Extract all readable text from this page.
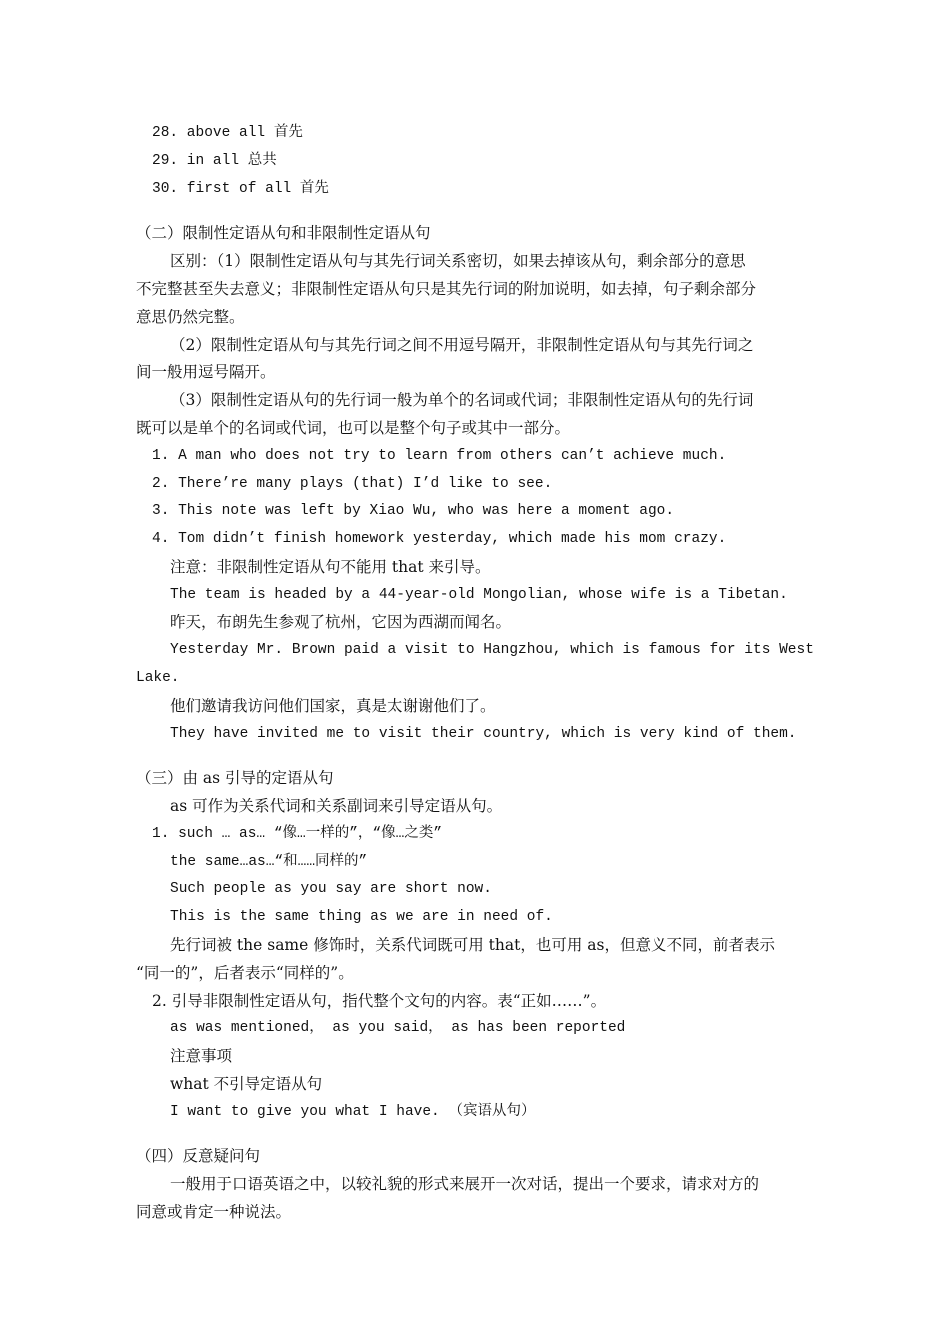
28. above all 首先
29. in all 总共
30. first of all 首先
（二）限制性定语从句和非限制性定语从句
区别：（1）限制性定语从句与其先行词关系密切，如果去掉该从句，剩余部分的意思
不完整甚至失去意义；非限制性定语从句只是其先行词的附加说明，如去掉，句子剩余部分
意思仍然完整。
（2）限制性定语从句与其先行词之间不用逗号隔开，非限制性定语从句与其先行词之
间一般用逗号隔开。
（3）限制性定语从句的先行词一般为单个的名词或代词；非限制性定语从句的先行词
既可以是单个的名词或代词，也可以是整个句子或其中一部分。
1. A man who does not try to learn from others can’t achieve much.
2. There’re many plays (that) I’d like to see.
3. This note was left by Xiao Wu, who was here a moment ago.
4. Tom didn’t finish homework yesterday, which made his mom crazy.
注意：非限制性定语从句不能用 that 来引导。
The team is headed by a 44-year-old Mongolian, whose wife is a Tibetan.
昨天，布朗先生参观了杭州，它因为西湖而闻名。
Yesterday Mr. Brown paid a visit to Hangzhou, which is famous for its West
Lake.
他们邀请我访问他们国家，真是太谢谢他们了。
They have invited me to visit their country, which is very kind of them.
（三）由 as 引导的定语从句
as 可作为关系代词和关系副词来引导定语从句。
1. such … as… “像…一样的”，“像…之类”
the same…as…“和……同样的”
Such people as you say are short now.
This is the same thing as we are in need of.
先行词被 the same 修饰时，关系代词既可用 that，也可用 as，但意义不同，前者表示
“同一的”，后者表示“同样的”。
2. 引导非限制性定语从句，指代整个文句的内容。表“正如……”。
as was mentioned， as you said， as has been reported
注意事项
what 不引导定语从句
I want to give you what I have. （宾语从句）
（四）反意疑问句
一般用于口语英语之中，以较礼貌的形式来展开一次对话，提出一个要求，请求对方的
同意或肯定一种说法。
